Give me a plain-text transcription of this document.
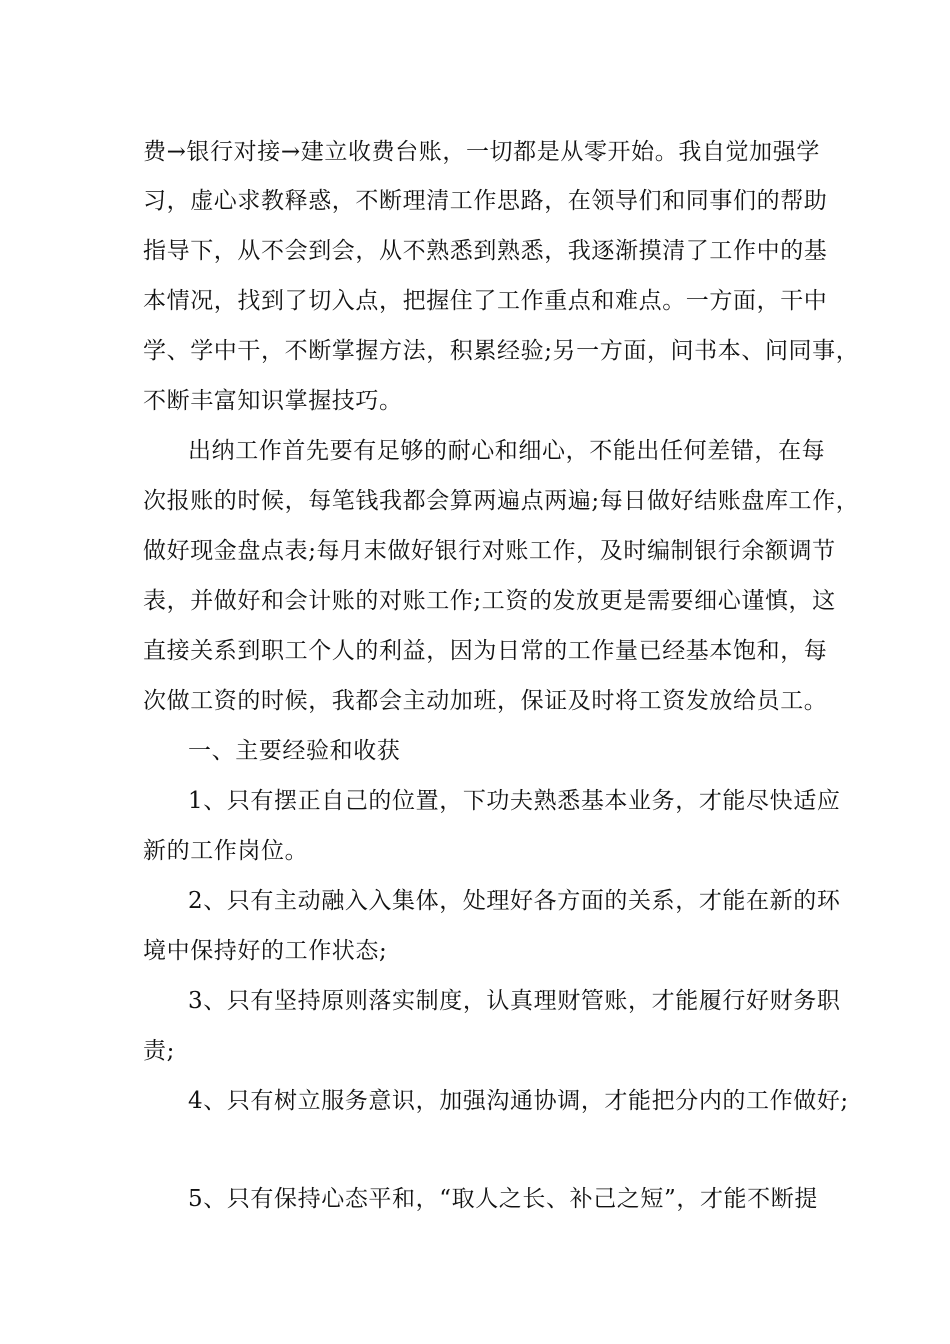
费→银行对接→建立收费台账，一切都是从零开始。我自觉加强学
习，虚心求教释惑，不断理清工作思路，在领导们和同事们的帮助
指导下，从不会到会，从不熟悉到熟悉，我逐渐摸清了工作中的基
本情况，找到了切入点，把握住了工作重点和难点。一方面，干中
学、学中干，不断掌握方法，积累经验;另一方面，问书本、问同事，
不断丰富知识掌握技巧。
出纳工作首先要有足够的耐心和细心，不能出任何差错，在每
次报账的时候，每笔钱我都会算两遍点两遍;每日做好结账盘库工作，
做好现金盘点表;每月末做好银行对账工作，及时编制银行余额调节
表，并做好和会计账的对账工作;工资的发放更是需要细心谨慎，这
直接关系到职工个人的利益，因为日常的工作量已经基本饱和，每
次做工资的时候，我都会主动加班，保证及时将工资发放给员工。
一、主要经验和收获
1、只有摆正自己的位置，下功夫熟悉基本业务，才能尽快适应
新的工作岗位。
2、只有主动融入入集体，处理好各方面的关系，才能在新的环
境中保持好的工作状态;
3、只有坚持原则落实制度，认真理财管账，才能履行好财务职
责;
4、只有树立服务意识，加强沟通协调，才能把分内的工作做好;
5、只有保持心态平和，“取人之长、补己之短”，才能不断提
